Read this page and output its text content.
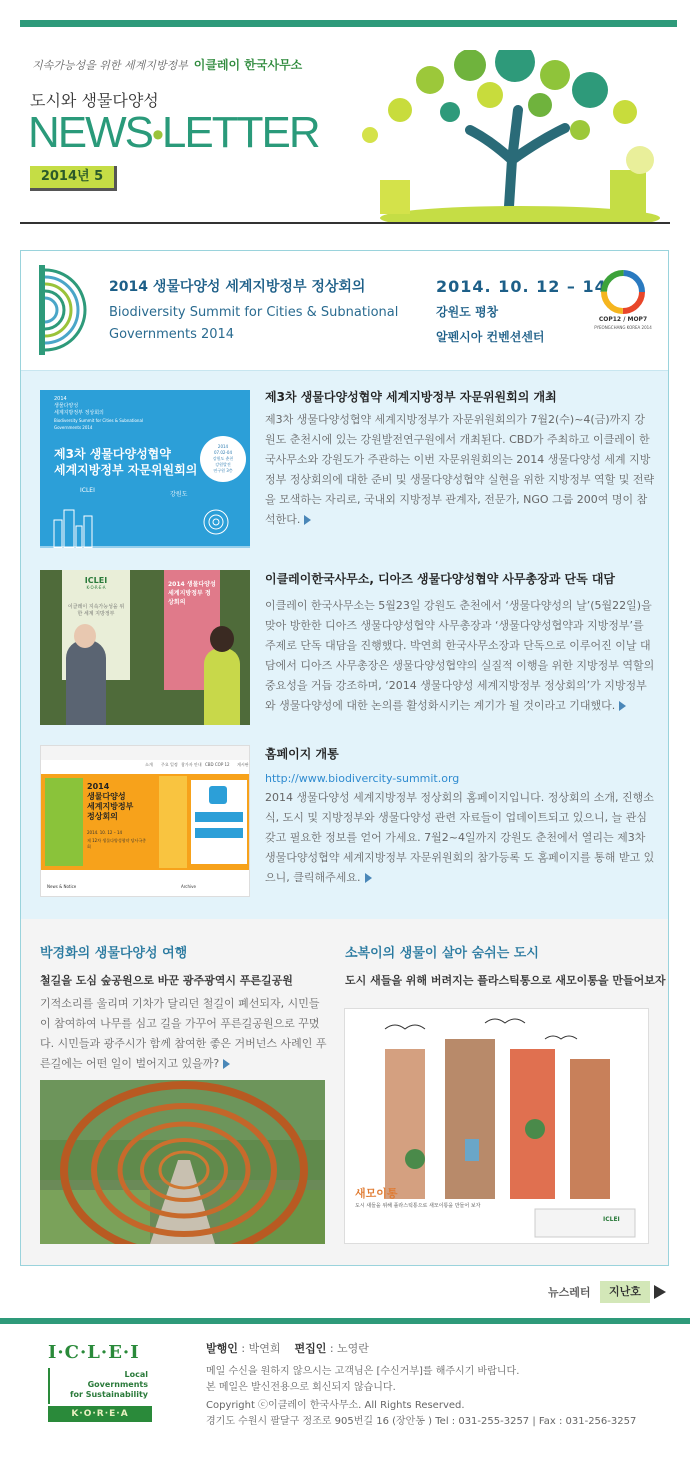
지속가능성을 위한 세계지방정부 이클레이 한국사무소
도시와 생물다양성
NEWS•LETTER
2014년 5
2014 생물다양성 세계지방정부 정상회의
Biodiversity Summit for Cities & Subnational Governments 2014
2014. 10. 12 – 14
강원도 평창
알펜시아 컨벤션센터
COP12 / MOP7
PYEONGCHANG KOREA 2014
2014
생물다양성
세계지방정부 정상회의
Biodiversity Summit for Cities & Subnational Governments 2014
제3차 생물다양성협약
세계지방정부 자문위원회의
2014
07.02-04
강원도 춘천
강원발전
연구원 3층
ICLEI
강원도
제3차 생물다양성협약 세계지방정부 자문위원회의 개최
제3차 생물다양성협약 세계지방정부가 자문위원회의가 7월2(수)~4(금)까지 강원도 춘천시에 있는 강원발전연구원에서 개최된다. CBD가 주최하고 이클레이 한국사무소와 강원도가 주관하는 이번 자문위원회의는 2014 생물다양성 세계 지방정부 정상회의에 대한 준비 및 생물다양성협약 실현을 위한 지방정부 역할 및 전략을 모색하는 자리로, 국내외 지방정부 관계자, 전문가, NGO 그룹 200여 명이 참석한다.
ICLEI
K·O·R·E·A
이클레이 지속가능성을 위한 세계 지방정부
2014 생물다양성 세계지방정부 정상회의
이클레이한국사무소, 디아즈 생물다양성협약 사무총장과 단독 대담
이클레이 한국사무소는 5월23일 강원도 춘천에서 ‘생물다양성의 날’(5월22일)을 맞아 방한한 디아즈 생물다양성협약 사무총장과 ‘생물다양성협약과 지방정부’를 주제로 단독 대담을 진행했다. 박연희 한국사무소장과 단독으로 이루어진 이날 대담에서 디아즈 사무총장은 생물다양성협약의 실질적 이행을 위한 지방정부 역할의 중요성을 거듭 강조하며, ‘2014 생물다양성 세계지방정부 정상회의’가 지방정부와 생물다양성에 대한 논의를 활성화시키는 계기가 될 것이라고 기대했다.
소개 주요 일정 참가자 안내 CBD COP 12 게시판
2014
생물다양성
세계지방정부
정상회의
2014. 10. 12 – 14
제 12차 생물다양성협약 당사국총회
News & Notice	Archive
홈페이지 개통
http://www.biodivercity-summit.org
2014 생물다양성 세계지방정부 정상회의 홈페이지입니다. 정상회의 소개, 진행소식, 도시 및 지방정부와 생물다양성 관련 자료들이 업데이트되고 있으니, 늘 관심 갖고 필요한 정보를 얻어 가세요. 7월2~4일까지 강원도 춘천에서 열리는 제3차 생물다양성협약 세계지방정부 자문위원회의 참가등록 도 홈페이지를 통해 받고 있으니, 클릭해주세요.
박경화의 생물다양성 여행
철길을 도심 숲공원으로 바꾼 광주광역시 푸른길공원
기적소리를 울리며 기차가 달리던 철길이 폐선되자, 시민들이 참여하여 나무를 심고 길을 가꾸어 푸른길공원으로 꾸몄다. 시민들과 광주시가 함께 참여한 좋은 거버넌스 사례인 푸른길에는 어떤 일이 벌어지고 있을까?
소복이의 생물이 살아 숨쉬는 도시
도시 새들을 위해 버려지는 플라스틱통으로 새모이통을 만들어보자
새모이통
도시 새들을 위해 플라스틱통으로 새모이통을 만들어 보자
ICLEI
뉴스레터	지난호
I·C·L·E·I
Local
Governments
for Sustainability
K·O·R·E·A
발행인 : 박연희 편집인 : 노영란
메일 수신을 원하지 않으시는 고객님은 [수신거부]를 해주시기 바랍니다.
본 메일은 발신전용으로 회신되지 않습니다.
Copyright ⓒ이클레이 한국사무소. All Rights Reserved.
경기도 수원시 팔달구 정조로 905번길 16 (장안동 ) Tel : 031-255-3257 | Fax : 031-256-3257
